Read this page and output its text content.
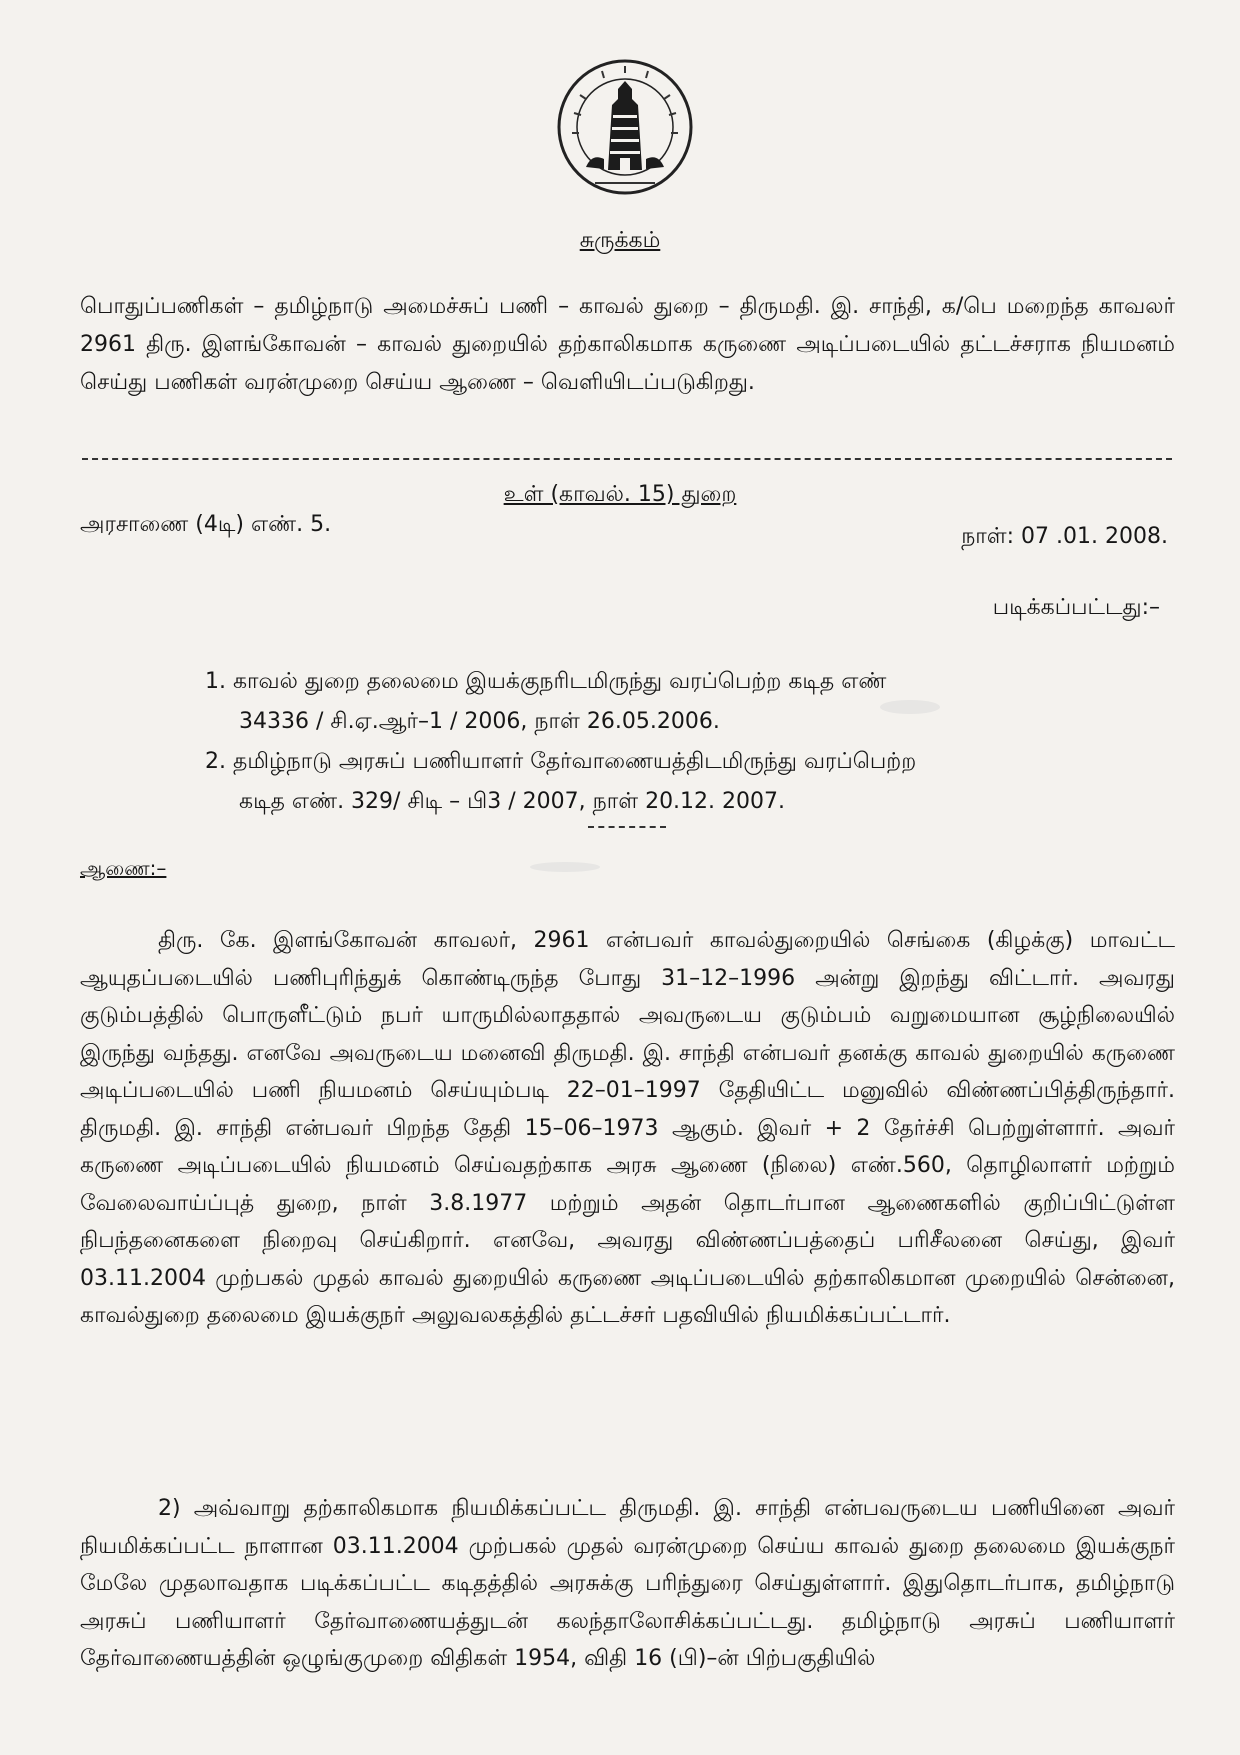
சுருக்கம்

பொதுப்பணிகள் – தமிழ்நாடு அமைச்சுப் பணி – காவல் துறை – திருமதி. இ. சாந்தி, க/பெ மறைந்த காவலர் 2961 திரு. இளங்கோவன் – காவல் துறையில் தற்காலிகமாக கருணை அடிப்படையில் தட்டச்சராக நியமனம் செய்து பணிகள் வரன்முறை செய்ய ஆணை – வெளியிடப்படுகிறது.

உள் (காவல். 15) துறை
அரசாணை (4டி) எண். 5.	நாள்: 07 .01. 2008.
படிக்கப்பட்டது:–
1. காவல் துறை தலைமை இயக்குநரிடமிருந்து வரப்பெற்ற கடித எண்
34336 / சி.ஏ.ஆர்–1 / 2006, நாள் 26.05.2006.
2. தமிழ்நாடு அரசுப் பணியாளர் தேர்வாணையத்திடமிருந்து வரப்பெற்ற
கடித எண். 329/ சிடி – பி3 / 2007, நாள் 20.12. 2007.
ஆணை:–

திரு. கே. இளங்கோவன் காவலர், 2961 என்பவர் காவல்துறையில் செங்கை (கிழக்கு) மாவட்ட ஆயுதப்படையில் பணிபுரிந்துக் கொண்டிருந்த போது 31–12–1996 அன்று இறந்து விட்டார். அவரது குடும்பத்தில் பொருளீட்டும் நபர் யாருமில்லாததால் அவருடைய குடும்பம் வறுமையான சூழ்நிலையில் இருந்து வந்தது. எனவே அவருடைய மனைவி திருமதி. இ. சாந்தி என்பவர் தனக்கு காவல் துறையில் கருணை அடிப்படையில் பணி நியமனம் செய்யும்படி 22–01–1997 தேதியிட்ட மனுவில் விண்ணப்பித்திருந்தார். திருமதி. இ. சாந்தி என்பவர் பிறந்த தேதி 15–06–1973 ஆகும். இவர் + 2 தேர்ச்சி பெற்றுள்ளார். அவர் கருணை அடிப்படையில் நியமனம் செய்வதற்காக அரசு ஆணை (நிலை) எண்.560, தொழிலாளர் மற்றும் வேலைவாய்ப்புத் துறை, நாள் 3.8.1977 மற்றும் அதன் தொடர்பான ஆணைகளில் குறிப்பிட்டுள்ள நிபந்தனைகளை நிறைவு செய்கிறார். எனவே, அவரது விண்ணப்பத்தைப் பரிசீலனை செய்து, இவர் 03.11.2004 முற்பகல் முதல் காவல் துறையில் கருணை அடிப்படையில் தற்காலிகமான முறையில் சென்னை, காவல்துறை தலைமை இயக்குநர் அலுவலகத்தில் தட்டச்சர் பதவியில் நியமிக்கப்பட்டார்.

2) அவ்வாறு தற்காலிகமாக நியமிக்கப்பட்ட திருமதி. இ. சாந்தி என்பவருடைய பணியினை அவர் நியமிக்கப்பட்ட நாளான 03.11.2004 முற்பகல் முதல் வரன்முறை செய்ய காவல் துறை தலைமை இயக்குநர் மேலே முதலாவதாக படிக்கப்பட்ட கடிதத்தில் அரசுக்கு பரிந்துரை செய்துள்ளார். இதுதொடர்பாக, தமிழ்நாடு அரசுப் பணியாளர் தேர்வாணையத்துடன் கலந்தாலோசிக்கப்பட்டது. தமிழ்நாடு அரசுப் பணியாளர் தேர்வாணையத்தின் ஒழுங்குமுறை விதிகள் 1954, விதி 16 (பி)–ன் பிற்பகுதியில்
